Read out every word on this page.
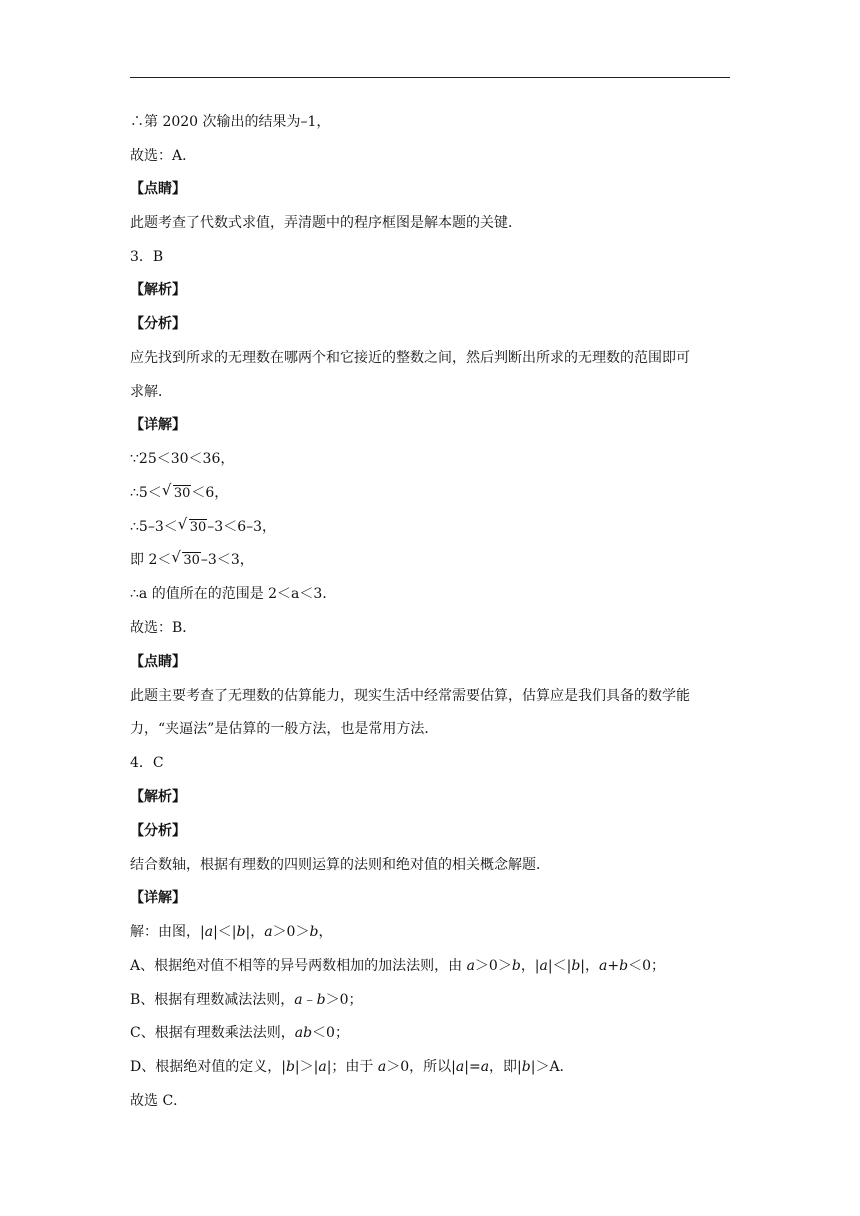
∴第 2020 次输出的结果为–1，
故选：A．
【点睛】
此题考查了代数式求值，弄清题中的程序框图是解本题的关键．
3．B
【解析】
【分析】
应先找到所求的无理数在哪两个和它接近的整数之间，然后判断出所求的无理数的范围即可
求解．
【详解】
∵25＜30＜36，
∴5＜ √ 30＜6，
∴5–3＜ √ 30–3＜6–3，
即 2＜ √ 30–3＜3，
∴a 的值所在的范围是 2＜a＜3．
故选：B．
【点睛】
此题主要考查了无理数的估算能力，现实生活中经常需要估算，估算应是我们具备的数学能
力，“夹逼法”是估算的一般方法，也是常用方法．
4．C
【解析】
【分析】
结合数轴，根据有理数的四则运算的法则和绝对值的相关概念解题．
【详解】
解：由图，|a|＜|b|，a＞0＞b，
A、根据绝对值不相等的异号两数相加的加法法则，由 a＞0＞b，|a|＜|b|，a+b＜0；
B、根据有理数减法法则，a﹣b＞0；
C、根据有理数乘法法则，ab＜0；
D、根据绝对值的定义，|b|＞|a|；由于 a＞0，所以|a|=a，即|b|＞A．
故选 C．
